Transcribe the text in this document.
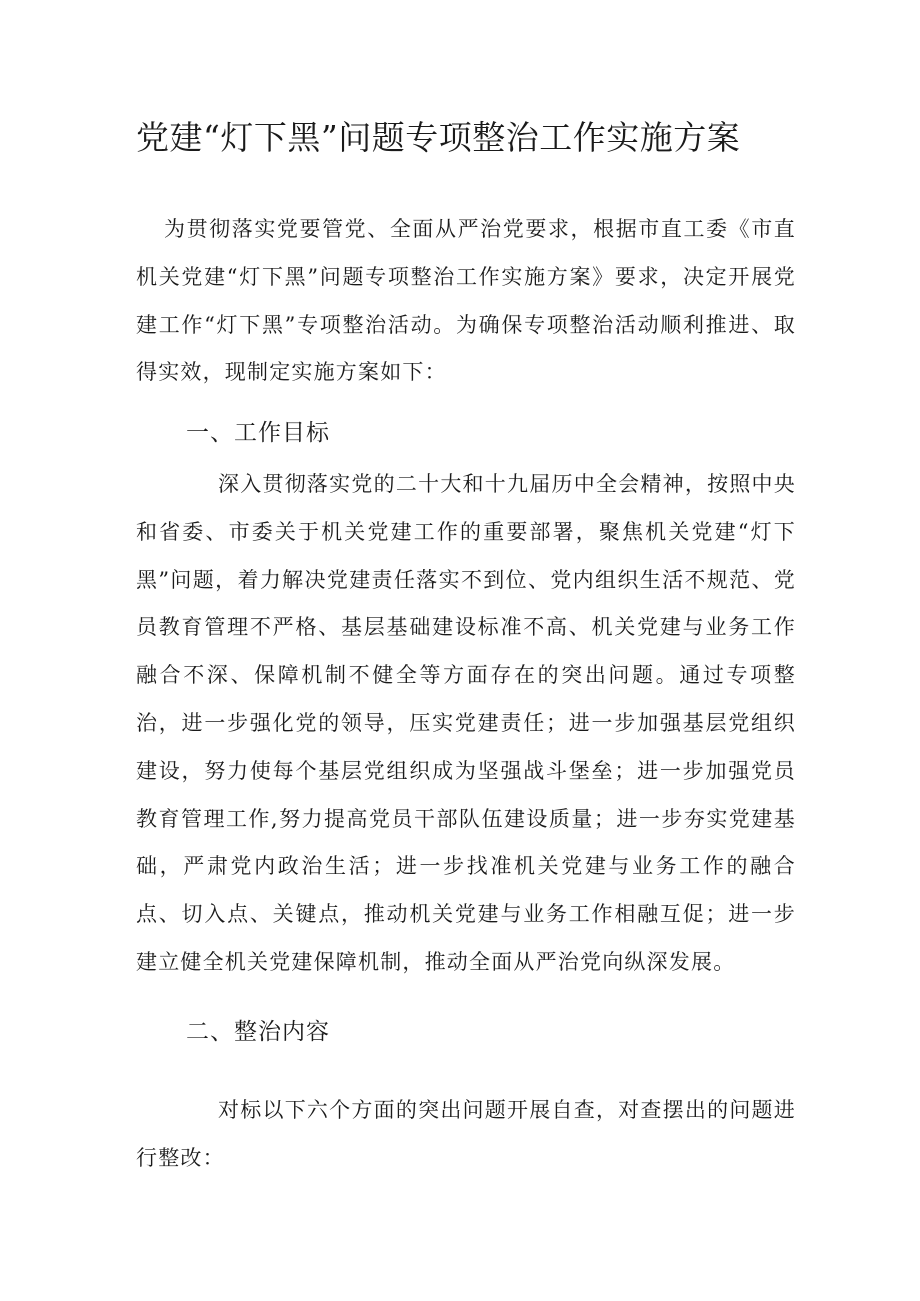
党建“灯下黑”问题专项整治工作实施方案

为贯彻落实党要管党、全面从严治党要求，根据市直工委《市直机关党建“灯下黑”问题专项整治工作实施方案》要求，决定开展党建工作“灯下黑”专项整治活动。为确保专项整治活动顺利推进、取得实效，现制定实施方案如下：

一、工作目标

深入贯彻落实党的二十大和十九届历中全会精神，按照中央和省委、市委关于机关党建工作的重要部署，聚焦机关党建“灯下黑”问题，着力解决党建责任落实不到位、党内组织生活不规范、党员教育管理不严格、基层基础建设标准不高、机关党建与业务工作融合不深、保障机制不健全等方面存在的突出问题。通过专项整治，进一步强化党的领导，压实党建责任；进一步加强基层党组织建设，努力使每个基层党组织成为坚强战斗堡垒；进一步加强党员教育管理工作,努力提高党员干部队伍建设质量；进一步夯实党建基础，严肃党内政治生活；进一步找准机关党建与业务工作的融合点、切入点、关键点，推动机关党建与业务工作相融互促；进一步建立健全机关党建保障机制，推动全面从严治党向纵深发展。

二、整治内容

对标以下六个方面的突出问题开展自查，对查摆出的问题进行整改：
